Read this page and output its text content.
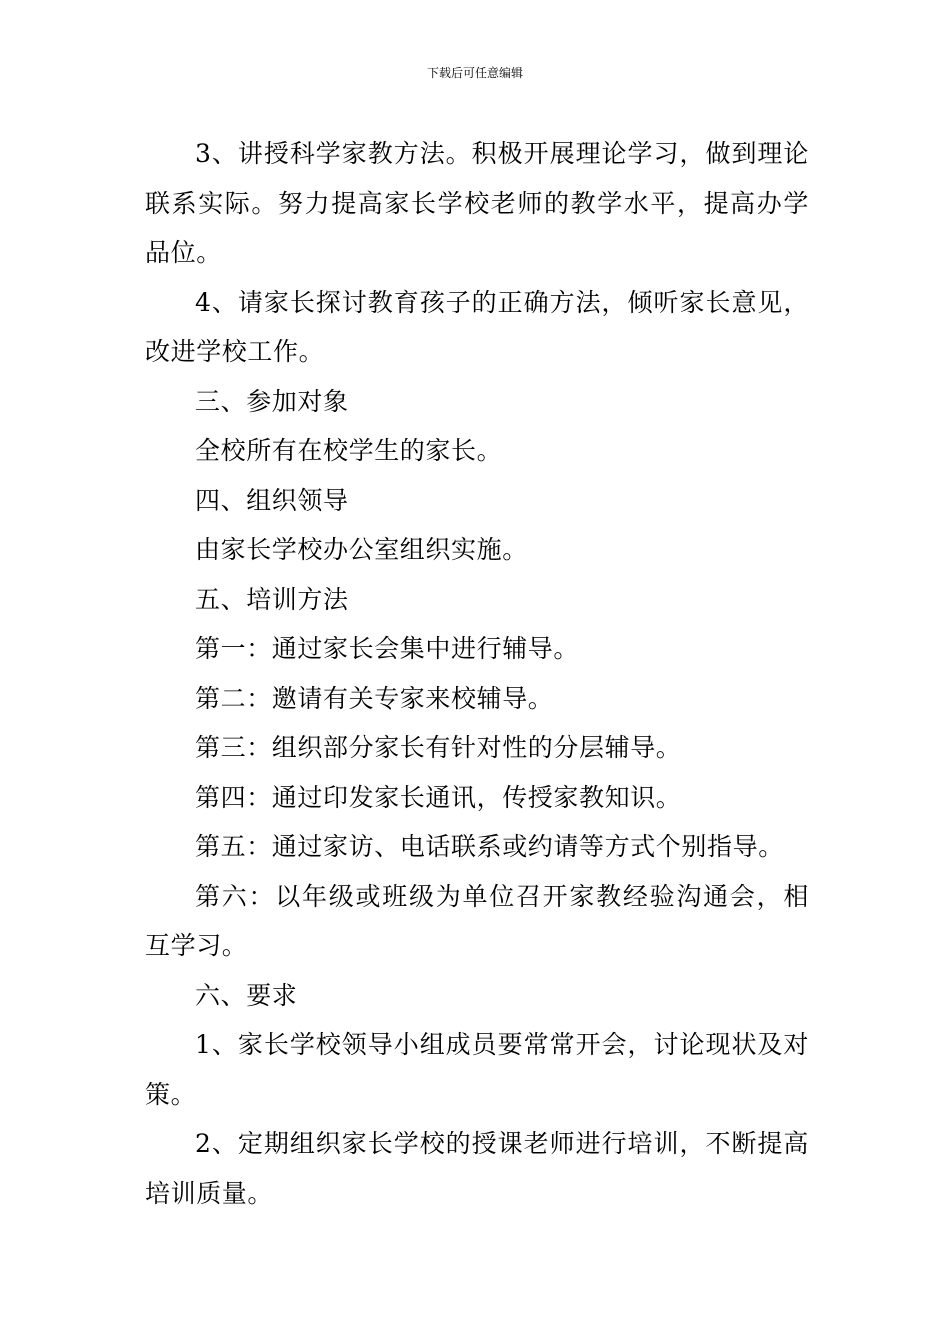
下载后可任意编辑

3、讲授科学家教方法。积极开展理论学习，做到理论联系实际。努力提高家长学校老师的教学水平，提高办学品位。

4、请家长探讨教育孩子的正确方法，倾听家长意见，改进学校工作。

三、参加对象

全校所有在校学生的家长。

四、组织领导

由家长学校办公室组织实施。

五、培训方法

第一：通过家长会集中进行辅导。

第二：邀请有关专家来校辅导。

第三：组织部分家长有针对性的分层辅导。

第四：通过印发家长通讯，传授家教知识。

第五：通过家访、电话联系或约请等方式个别指导。

第六：以年级或班级为单位召开家教经验沟通会，相互学习。

六、要求

1、家长学校领导小组成员要常常开会，讨论现状及对策。

2、定期组织家长学校的授课老师进行培训，不断提高培训质量。
